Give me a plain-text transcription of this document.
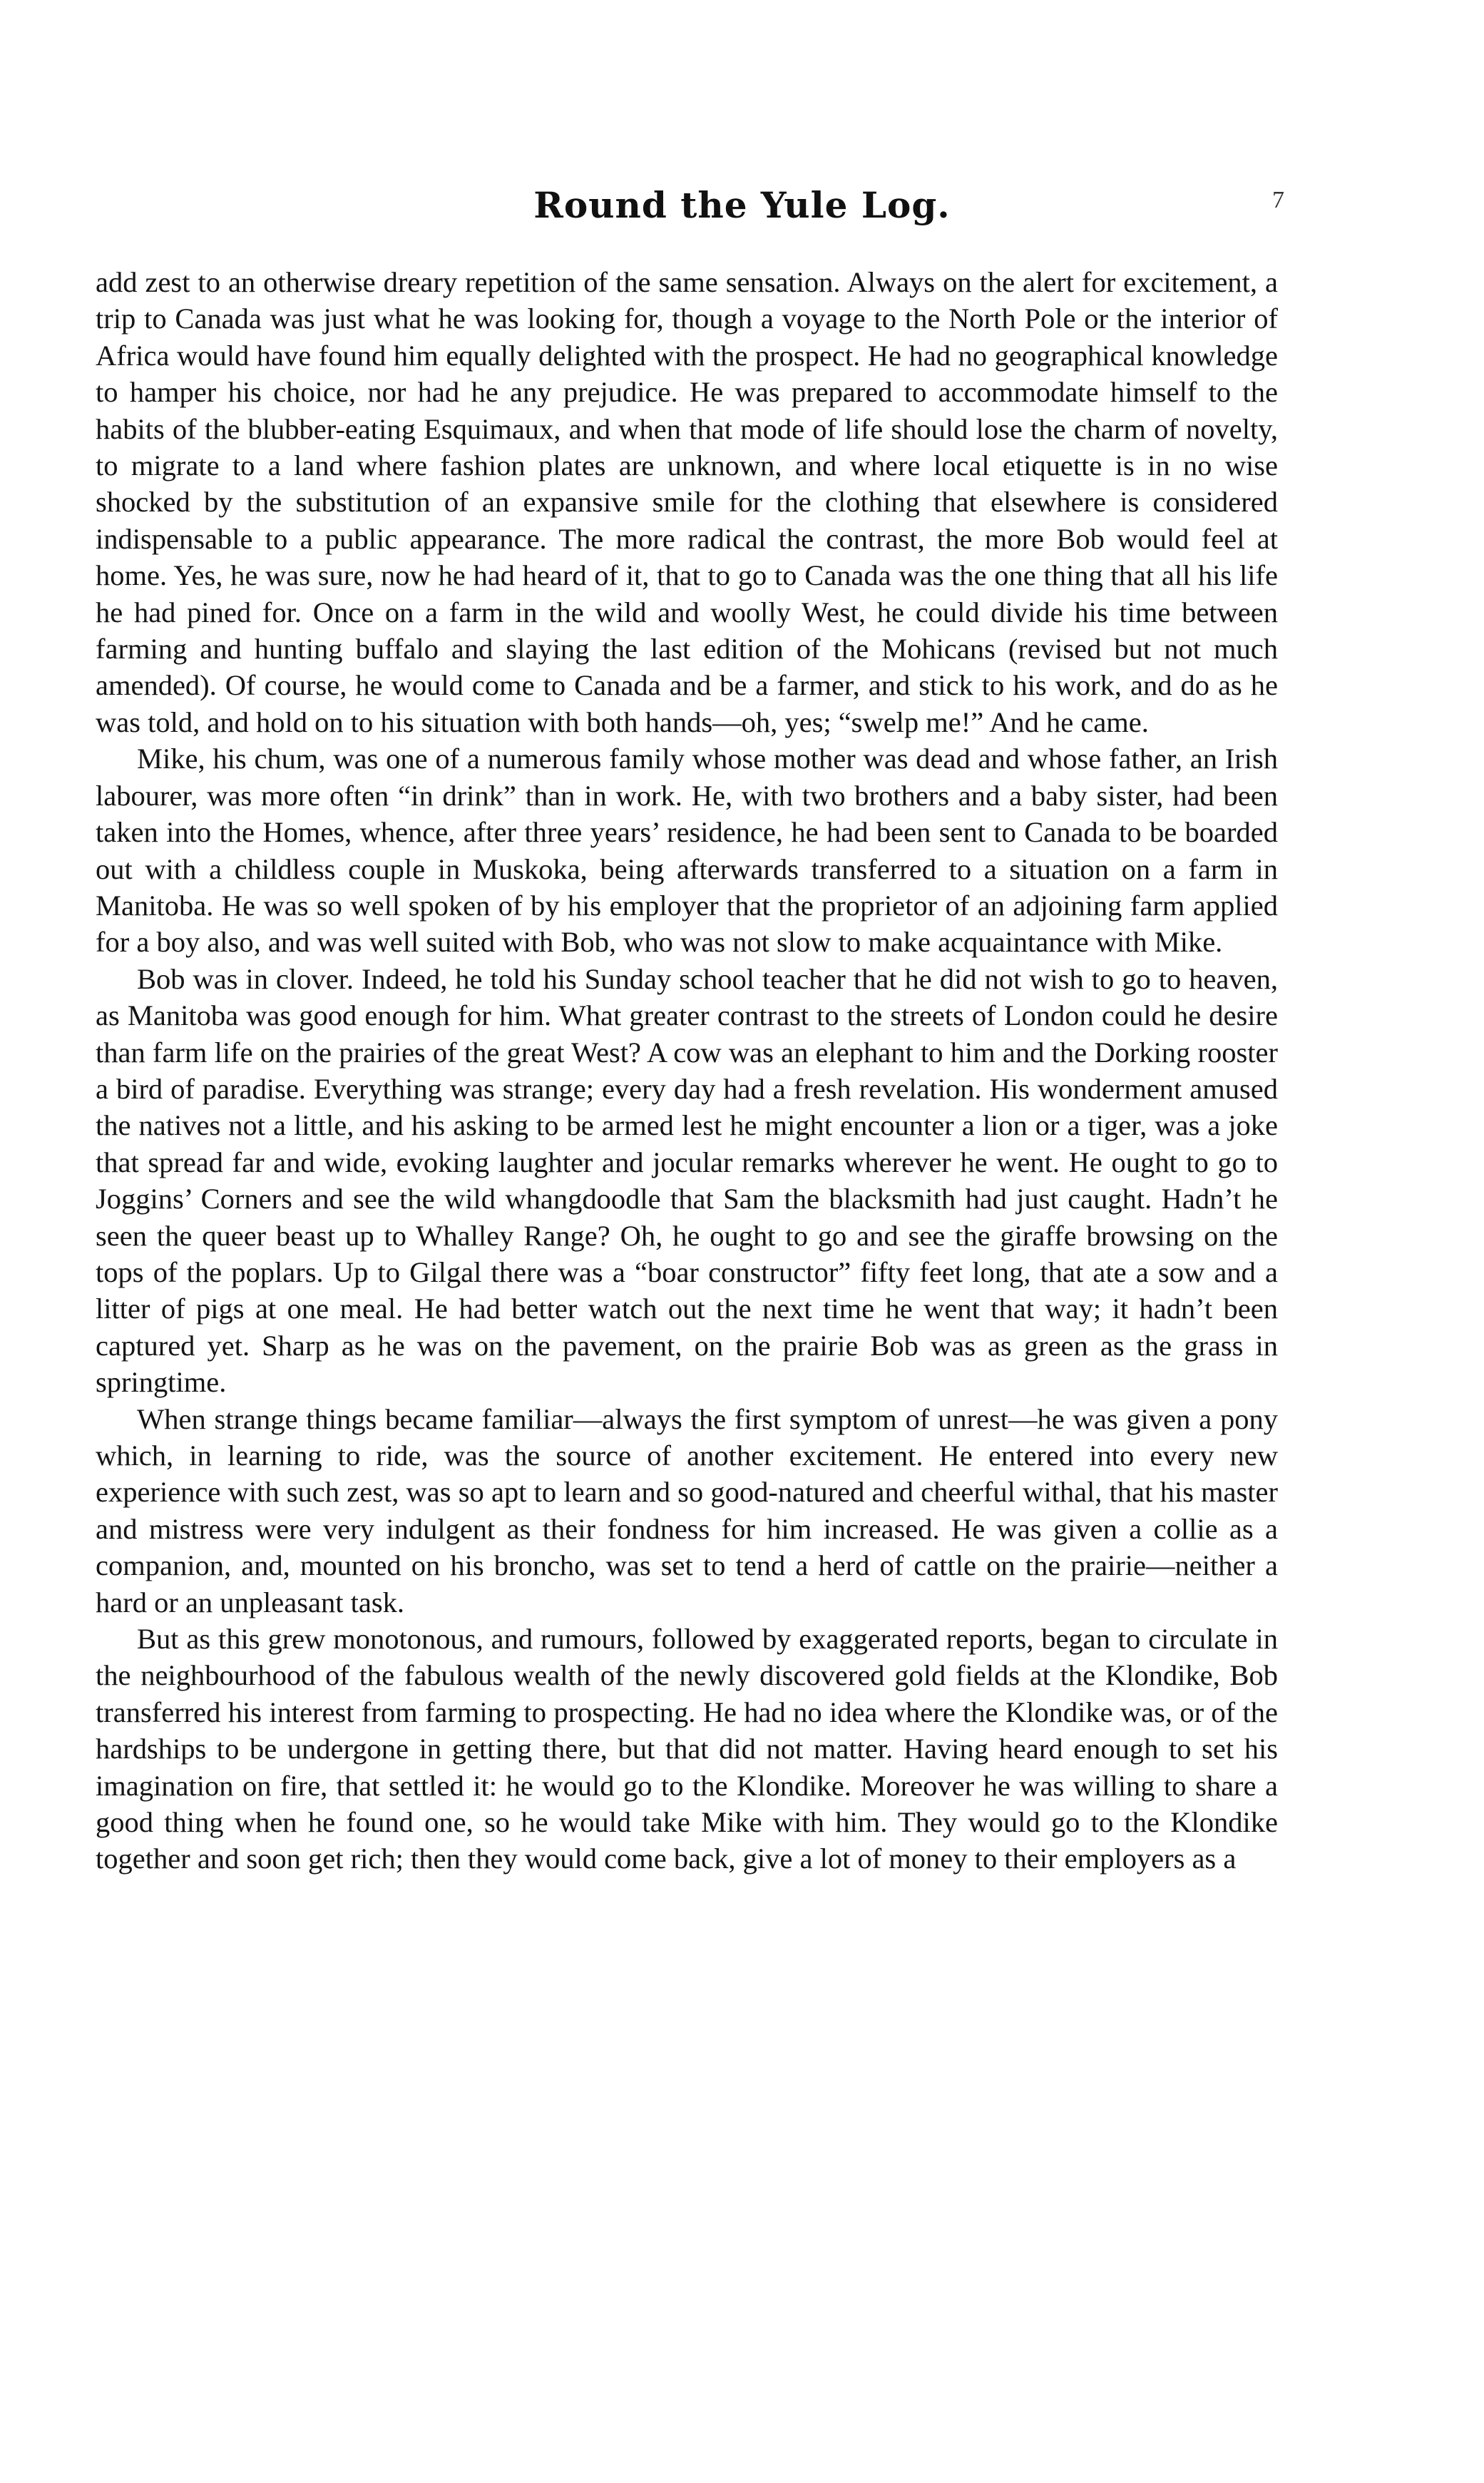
Round the Yule Log.	7

add zest to an otherwise dreary repetition of the same sensation. Always on the alert for excitement, a trip to Canada was just what he was looking for, though a voyage to the North Pole or the interior of Africa would have found him equally delighted with the prospect. He had no geographical knowledge to hamper his choice, nor had he any prejudice. He was prepared to accommodate himself to the habits of the blubber-eating Esquimaux, and when that mode of life should lose the charm of novelty, to migrate to a land where fashion plates are unknown, and where local etiquette is in no wise shocked by the substitution of an expansive smile for the clothing that elsewhere is considered indispensable to a public appearance. The more radical the contrast, the more Bob would feel at home. Yes, he was sure, now he had heard of it, that to go to Canada was the one thing that all his life he had pined for. Once on a farm in the wild and woolly West, he could divide his time between farming and hunting buffalo and slaying the last edition of the Mohicans (revised but not much amended). Of course, he would come to Canada and be a farmer, and stick to his work, and do as he was told, and hold on to his situation with both hands—oh, yes; “swelp me!” And he came.

Mike, his chum, was one of a numerous family whose mother was dead and whose father, an Irish labourer, was more often “in drink” than in work. He, with two brothers and a baby sister, had been taken into the Homes, whence, after three years’ residence, he had been sent to Canada to be boarded out with a childless couple in Muskoka, being afterwards transferred to a situation on a farm in Manitoba. He was so well spoken of by his employer that the proprietor of an adjoining farm applied for a boy also, and was well suited with Bob, who was not slow to make acquaintance with Mike.

Bob was in clover. Indeed, he told his Sunday school teacher that he did not wish to go to heaven, as Manitoba was good enough for him. What greater contrast to the streets of London could he desire than farm life on the prairies of the great West? A cow was an elephant to him and the Dorking rooster a bird of paradise. Everything was strange; every day had a fresh revelation. His wonderment amused the natives not a little, and his asking to be armed lest he might encounter a lion or a tiger, was a joke that spread far and wide, evoking laughter and jocular remarks wherever he went. He ought to go to Joggins’ Corners and see the wild whangdoodle that Sam the blacksmith had just caught. Hadn’t he seen the queer beast up to Whalley Range? Oh, he ought to go and see the giraffe browsing on the tops of the poplars. Up to Gilgal there was a “boar constructor” fifty feet long, that ate a sow and a litter of pigs at one meal. He had better watch out the next time he went that way; it hadn’t been captured yet. Sharp as he was on the pavement, on the prairie Bob was as green as the grass in springtime.

When strange things became familiar—always the first symptom of unrest—he was given a pony which, in learning to ride, was the source of another excitement. He entered into every new experience with such zest, was so apt to learn and so good-natured and cheerful withal, that his master and mistress were very indulgent as their fondness for him increased. He was given a collie as a companion, and, mounted on his broncho, was set to tend a herd of cattle on the prairie—neither a hard or an unpleasant task.

But as this grew monotonous, and rumours, followed by exaggerated reports, began to circulate in the neighbourhood of the fabulous wealth of the newly discovered gold fields at the Klondike, Bob transferred his interest from farming to prospecting. He had no idea where the Klondike was, or of the hardships to be undergone in getting there, but that did not matter. Having heard enough to set his imagination on fire, that settled it: he would go to the Klondike. Moreover he was willing to share a good thing when he found one, so he would take Mike with him. They would go to the Klondike together and soon get rich; then they would come back, give a lot of money to their employers as a
